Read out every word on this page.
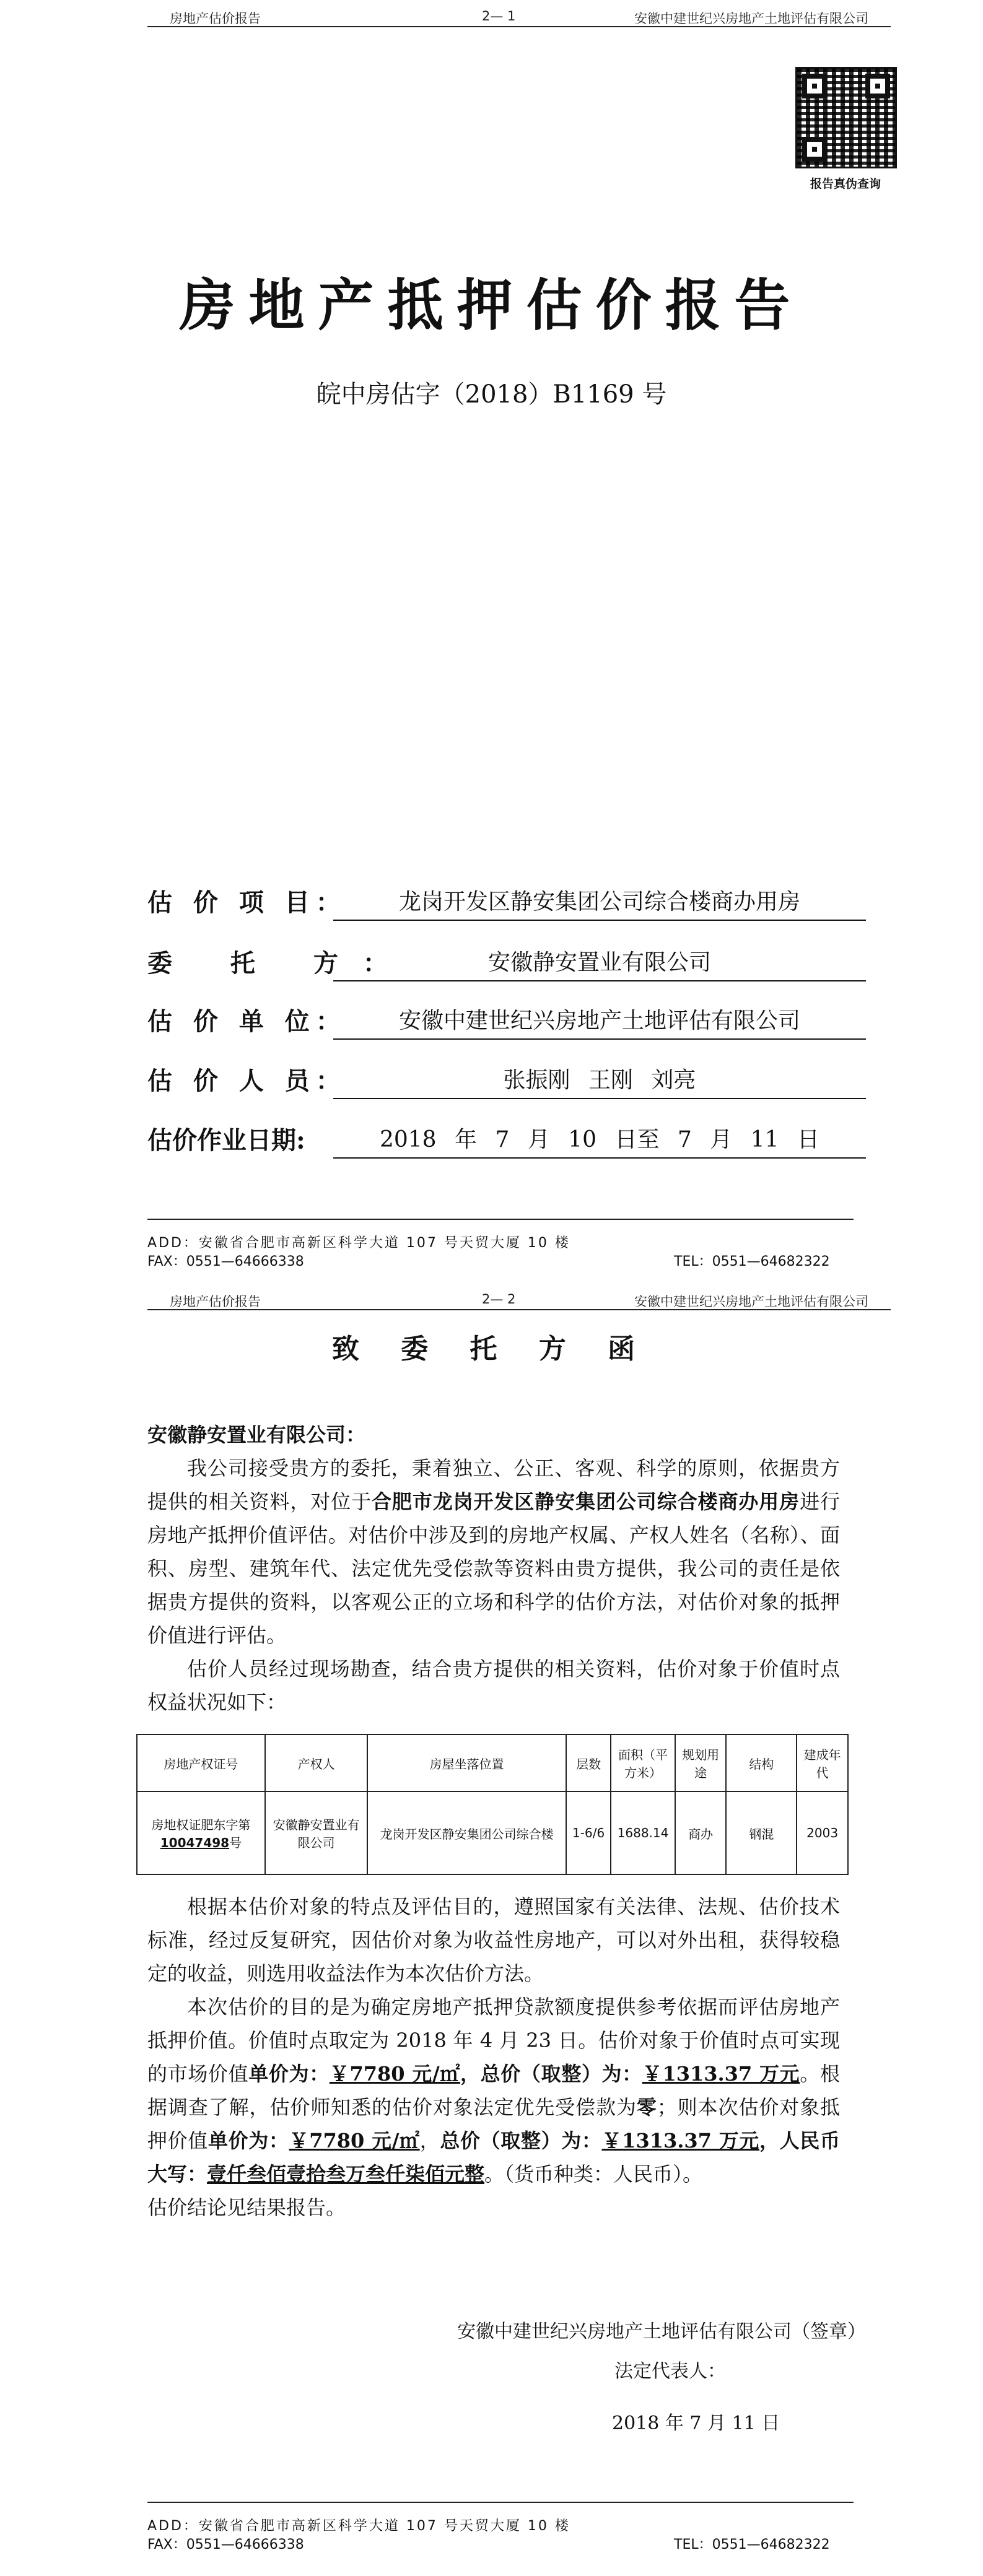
房地产估价报告	2— 1	安徽中建世纪兴房地产土地评估有限公司
报告真伪查询
房地产抵押估价报告
皖中房估字（2018）B1169 号
估 价 项 目：	龙岗开发区静安集团公司综合楼商办用房
委 托 方：	安徽静安置业有限公司
估 价 单 位：	安徽中建世纪兴房地产土地评估有限公司
估 价 人 员：	张振刚 王刚 刘亮
估价作业日期:	2018 年 7 月 10 日至 7 月 11 日
ADD：安徽省合肥市高新区科学大道 107 号天贸大厦 10 楼
FAX：0551—64666338	TEL：0551—64682322
房地产估价报告	2— 2	安徽中建世纪兴房地产土地评估有限公司
致 委 托 方 函

安徽静安置业有限公司：

我公司接受贵方的委托，秉着独立、公正、客观、科学的原则，依据贵方提供的相关资料，对位于合肥市龙岗开发区静安集团公司综合楼商办用房进行房地产抵押价值评估。对估价中涉及到的房地产权属、产权人姓名（名称）、面积、房型、建筑年代、法定优先受偿款等资料由贵方提供，我公司的责任是依据贵方提供的资料，以客观公正的立场和科学的估价方法，对估价对象的抵押价值进行评估。

估价人员经过现场勘查，结合贵方提供的相关资料，估价对象于价值时点权益状况如下：

房地产权证号	产权人	房屋坐落位置	层数	面积（平方米）	规划用途	结构	建成年代
房地权证肥东字第
10047498号	安徽静安置业有限公司	龙岗开发区静安集团公司综合楼	1-6/6	1688.14	商办	钢混	2003

根据本估价对象的特点及评估目的，遵照国家有关法律、法规、估价技术标准，经过反复研究，因估价对象为收益性房地产，可以对外出租，获得较稳定的收益，则选用收益法作为本次估价方法。

本次估价的目的是为确定房地产抵押贷款额度提供参考依据而评估房地产抵押价值。价值时点取定为 2018 年 4 月 23 日。估价对象于价值时点可实现的市场价值单价为：￥7780 元/㎡，总价（取整）为：￥1313.37 万元。根据调查了解，估价师知悉的估价对象法定优先受偿款为零；则本次估价对象抵押价值单价为：￥7780 元/㎡，总价（取整）为：￥1313.37 万元，人民币大写：壹仟叁佰壹拾叁万叁仟柒佰元整。（货币种类：人民币）。

估价结论见结果报告。

安徽中建世纪兴房地产土地评估有限公司（签章）
法定代表人：
2018 年 7 月 11 日
ADD：安徽省合肥市高新区科学大道 107 号天贸大厦 10 楼
FAX：0551—64666338	TEL：0551—64682322
